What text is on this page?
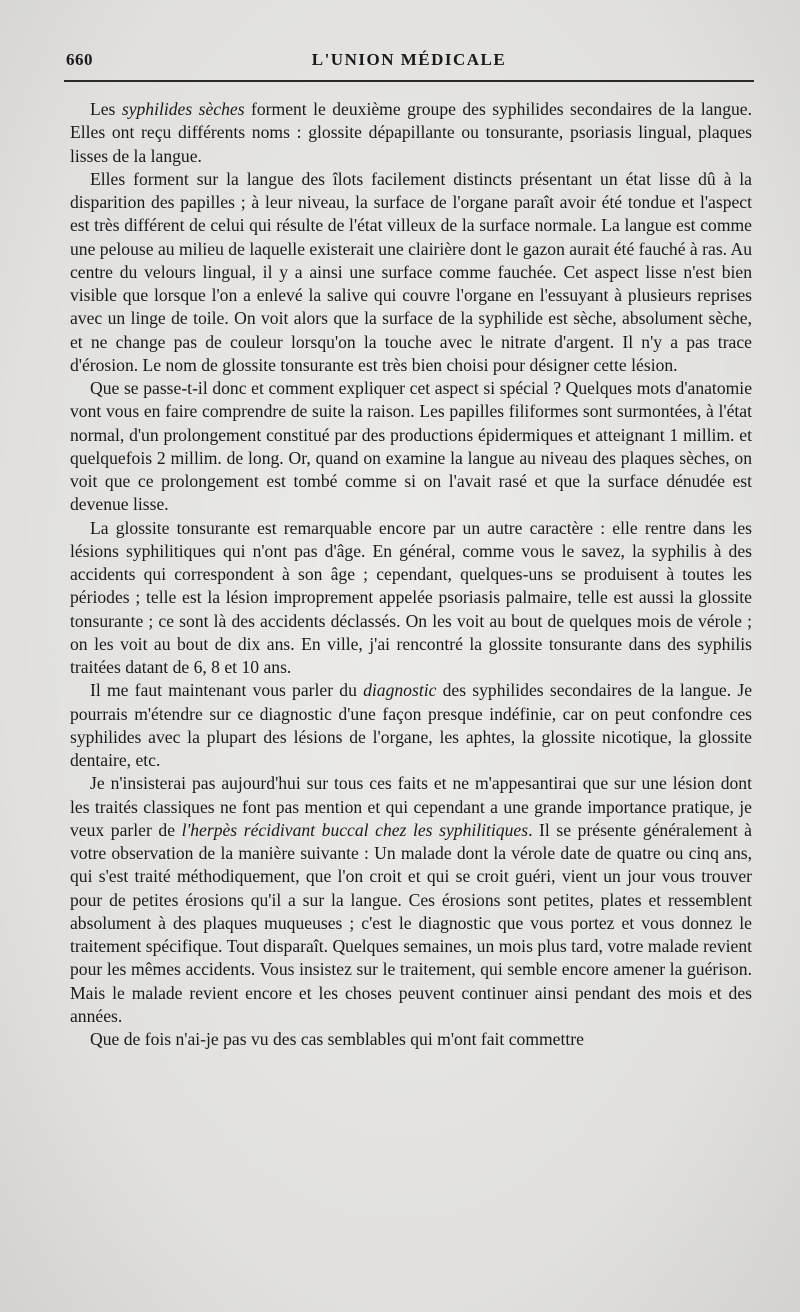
660	L'UNION MÉDICALE

Les syphilides sèches forment le deuxième groupe des syphilides secondaires de la langue. Elles ont reçu différents noms : glossite dépapillante ou tonsurante, psoriasis lingual, plaques lisses de la langue.

Elles forment sur la langue des îlots facilement distincts présentant un état lisse dû à la disparition des papilles ; à leur niveau, la surface de l'organe paraît avoir été tondue et l'aspect est très différent de celui qui résulte de l'état villeux de la surface normale. La langue est comme une pelouse au milieu de laquelle existerait une clairière dont le gazon aurait été fauché à ras. Au centre du velours lingual, il y a ainsi une surface comme fauchée. Cet aspect lisse n'est bien visible que lorsque l'on a enlevé la salive qui couvre l'organe en l'essuyant à plusieurs reprises avec un linge de toile. On voit alors que la surface de la syphilide est sèche, absolument sèche, et ne change pas de couleur lorsqu'on la touche avec le nitrate d'argent. Il n'y a pas trace d'érosion. Le nom de glossite tonsurante est très bien choisi pour désigner cette lésion.

Que se passe-t-il donc et comment expliquer cet aspect si spécial ? Quelques mots d'anatomie vont vous en faire comprendre de suite la raison. Les papilles filiformes sont surmontées, à l'état normal, d'un prolongement constitué par des productions épidermiques et atteignant 1 millim. et quelquefois 2 millim. de long. Or, quand on examine la langue au niveau des plaques sèches, on voit que ce prolongement est tombé comme si on l'avait rasé et que la surface dénudée est devenue lisse.

La glossite tonsurante est remarquable encore par un autre caractère : elle rentre dans les lésions syphilitiques qui n'ont pas d'âge. En général, comme vous le savez, la syphilis à des accidents qui correspondent à son âge ; cependant, quelques-uns se produisent à toutes les périodes ; telle est la lésion improprement appelée psoriasis palmaire, telle est aussi la glossite tonsurante ; ce sont là des accidents déclassés. On les voit au bout de quelques mois de vérole ; on les voit au bout de dix ans. En ville, j'ai rencontré la glossite tonsurante dans des syphilis traitées datant de 6, 8 et 10 ans.

Il me faut maintenant vous parler du diagnostic des syphilides secondaires de la langue. Je pourrais m'étendre sur ce diagnostic d'une façon presque indéfinie, car on peut confondre ces syphilides avec la plupart des lésions de l'organe, les aphtes, la glossite nicotique, la glossite dentaire, etc.

Je n'insisterai pas aujourd'hui sur tous ces faits et ne m'appesantirai que sur une lésion dont les traités classiques ne font pas mention et qui cependant a une grande importance pratique, je veux parler de l'herpès récidivant buccal chez les syphilitiques. Il se présente généralement à votre observation de la manière suivante : Un malade dont la vérole date de quatre ou cinq ans, qui s'est traité méthodiquement, que l'on croit et qui se croit guéri, vient un jour vous trouver pour de petites érosions qu'il a sur la langue. Ces érosions sont petites, plates et ressemblent absolument à des plaques muqueuses ; c'est le diagnostic que vous portez et vous donnez le traitement spécifique. Tout disparaît. Quelques semaines, un mois plus tard, votre malade revient pour les mêmes accidents. Vous insistez sur le traitement, qui semble encore amener la guérison. Mais le malade revient encore et les choses peuvent continuer ainsi pendant des mois et des années.

Que de fois n'ai-je pas vu des cas semblables qui m'ont fait commettre
